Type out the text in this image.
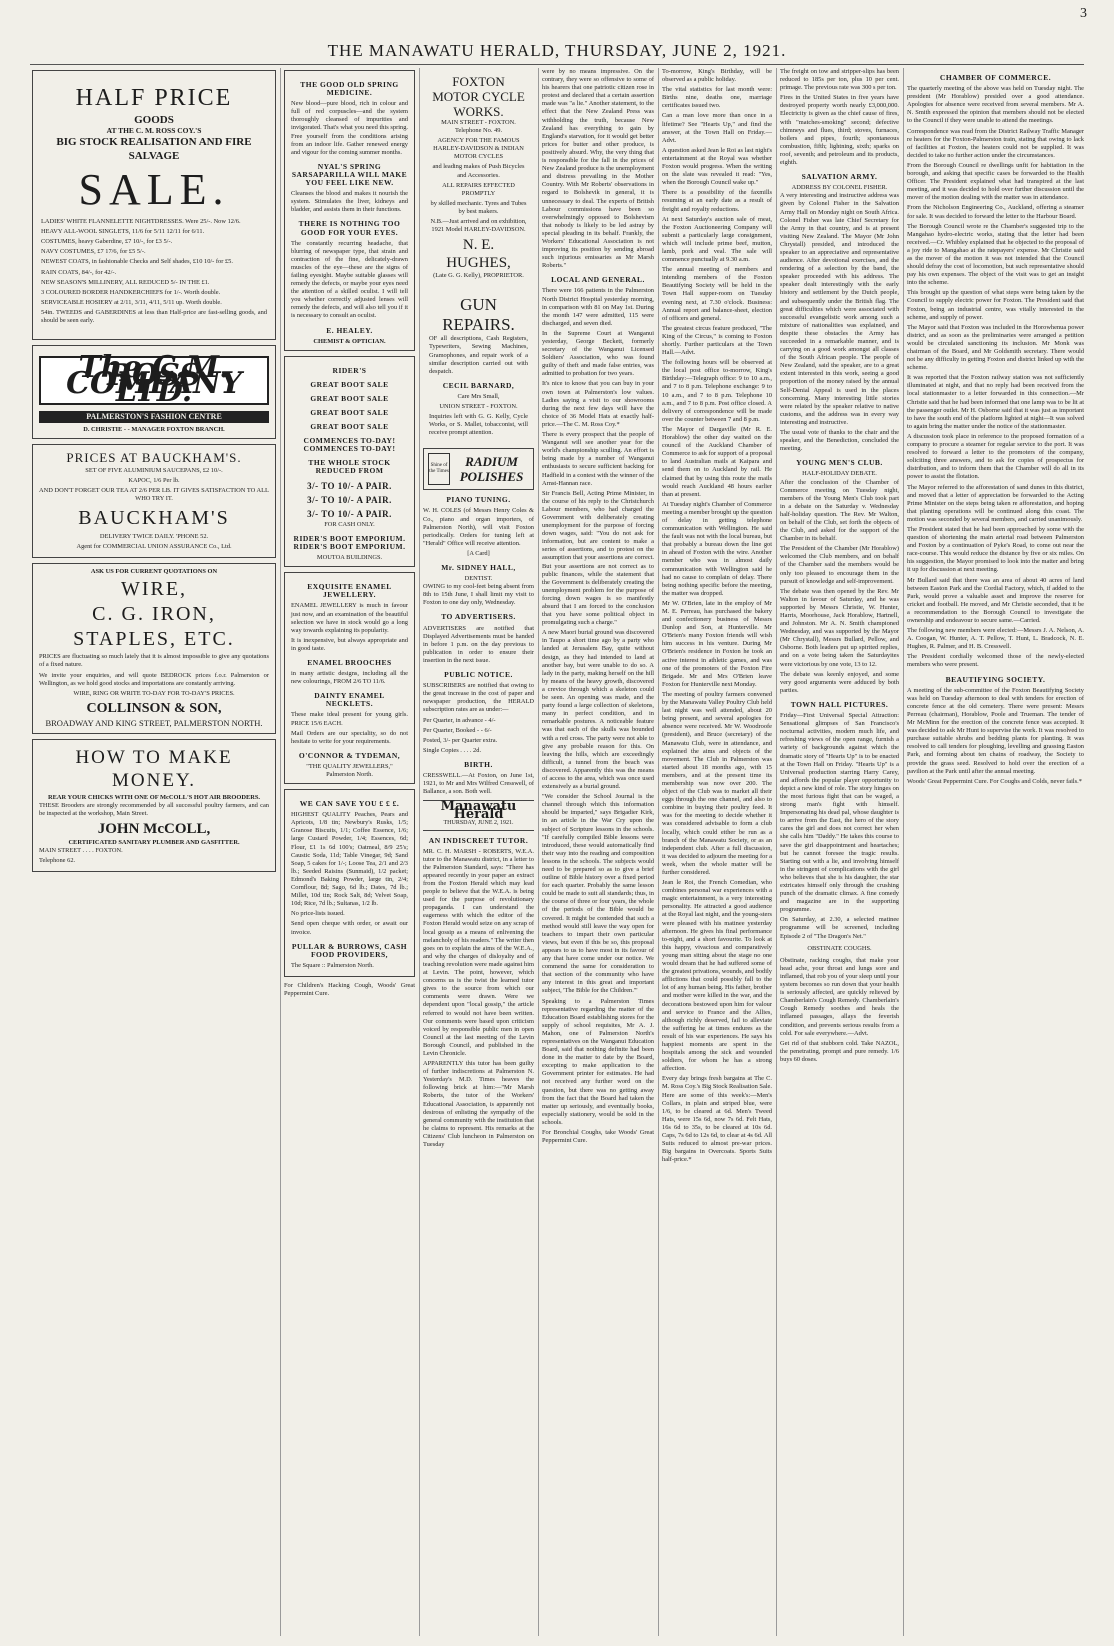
THE MANAWATU HERALD, THURSDAY, JUNE 2, 1921.
3
HALF PRICE
GOODS
AT THE C. M. ROSS COY.'S
BIG STOCK REALISATION AND FIRE SALVAGE
SALE.

LADIES' WHITE FLANNELETTE NIGHTDRESSES. Were 25/-. Now 12/6.

HEAVY ALL-WOOL SINGLETS, 11/6 for 5/11 12/11 for 6/11.

COSTUMES, heavy Gaberdine, £7 10/-, for £3 5/-.

NAVY COSTUMES, £7 17/6, for £5 5/-.

NEWEST COATS, in fashionable Checks and Self shades, £10 10/- for £5.

RAIN COATS, 84/-, for 42/-.

NEW SEASON'S MILLINERY, ALL REDUCED 5/- IN THE £1.

3 COLOURED BORDER HANDKERCHIEFS for 1/-. Worth double.

SERVICEABLE HOSIERY at 2/11, 3/11, 4/11, 5/11 up. Worth double.

54in. TWEEDS and GABERDINES at less than Half-price are fast-selling goods, and should be seen early.

The C.M. ROSS COMPANY LTD.
PALMERSTON'S FASHION CENTRE
D. CHRISTIE - - MANAGER FOXTON BRANCH.
PRICES AT BAUCKHAM'S.

SET OF FIVE ALUMINIUM SAUCEPANS, £2 10/-.

KAPOC, 1/6 Per lb.

AND DON'T FORGET OUR TEA AT 2/6 PER LB. IT GIVES SATISFACTION TO ALL WHO TRY IT.

BAUCKHAM'S

DELIVERY TWICE DAILY. 'PHONE 52.

Agent for COMMERCIAL UNION ASSURANCE Co., Ltd.

ASK US FOR CURRENT QUOTATIONS ON
WIRE,
C. G. IRON,
STAPLES, ETC.

PRICES are fluctuating so much lately that it is almost impossible to give any quotations of a fixed nature.

We invite your enquiries, and will quote BEDROCK prices f.o.r. Palmerston or Wellington, as we hold good stocks and importations are constantly arriving.

WIRE, RING OR WRITE TO-DAY FOR TO-DAY'S PRICES.

COLLINSON & SON,
BROADWAY AND KING STREET, PALMERSTON NORTH.
HOW TO MAKE MONEY.
REAR YOUR CHICKS WITH ONE OF McCOLL'S HOT AIR BROODERS.

THESE Brooders are strongly recommended by all successful poultry farmers, and can be inspected at the workshop, Main Street.

JOHN McCOLL,
CERTIFICATED SANITARY PLUMBER AND GASFITTER.

MAIN STREET . . . . FOXTON.

Telephone 62.

THE GOOD OLD SPRING MEDICINE.

New blood—pure blood, rich in colour and full of red corpuscles—and the system thoroughly cleansed of impurities and invigorated. That's what you need this spring. Free yourself from the conditions arising from an indoor life. Gather renewed energy and vigour for the coming summer months.

NYAL'S SPRING SARSAPARILLA WILL MAKE YOU FEEL LIKE NEW.

Cleanses the blood and makes it nourish the system. Stimulates the liver, kidneys and bladder, and assists them in their functions.

THERE IS NOTHING TOO GOOD FOR YOUR EYES.

The constantly recurring headache, that blurring of newspaper type, that strain and contraction of the fine, delicately-drawn muscles of the eye—these are the signs of failing eyesight. Maybe suitable glasses will remedy the defects, or maybe your eyes need the attention of a skilled oculist. I will tell you whether correctly adjusted lenses will remedy the defects, and will also tell you if it is necessary to consult an oculist.

E. HEALEY.
CHEMIST & OPTICIAN.
RIDER'S
GREAT BOOT SALE
GREAT BOOT SALE
GREAT BOOT SALE
GREAT BOOT SALE
COMMENCES TO-DAY! COMMENCES TO-DAY!
THE WHOLE STOCK REDUCED FROM
3/- TO 10/- A PAIR.
3/- TO 10/- A PAIR.
3/- TO 10/- A PAIR.
FOR CASH ONLY.
RIDER'S BOOT EMPORIUM. RIDER'S BOOT EMPORIUM.
MOUTOA BUILDINGS.
EXQUISITE ENAMEL JEWELLERY.

ENAMEL JEWELLERY is much in favour just now, and an examination of the beautiful selection we have in stock would go a long way towards explaining its popularity.

It is inexpensive, but always appropriate and in good taste.

ENAMEL BROOCHES

in many artistic designs, including all the new colourings, FROM 2/6 TO 11/6.

DAINTY ENAMEL NECKLETS.

These make ideal present for young girls. PRICE 15/6 EACH.

Mail Orders are our speciality, so do not hesitate to write for your requirements.

O'CONNOR & TYDEMAN,
"THE QUALITY JEWELLERS,"
Palmerston North.
WE CAN SAVE YOU £ £ £.

HIGHEST QUALITY Peaches, Pears and Apricots, 1/8 tin; Newbury's Rusks, 1/5; Granose Biscuits, 1/1; Coffee Essence, 1/6; large Custard Powder, 1/4; Essences, 6d; Flour, £1 1s 6d 100's; Oatmeal, 8/9 25's; Caustic Soda, 11d; Table Vinegar, 9d; Sand Soap, 5 cakes for 1/-; Loose Tea, 2/1 and 2/3 lb.; Seeded Raisins (Sunmaid), 1/2 packet; Edmond's Baking Powder, large tin, 2/4; Cornflour, 8d; Sago, 6d lb.; Dates, 7d lb.; Millet, 10d tin; Rock Salt, 8d; Velvet Soap, 10d; Rice, 7d lb.; Sultanas, 1/2 lb.

No price-lists issued.

Send open cheque with order, or await our invoice.

PULLAR & BURROWS, CASH FOOD PROVIDERS,

The Square :: Palmerston North.

For Children's Hacking Cough, Woods' Great Peppermint Cure.

FOXTON MOTOR CYCLE WORKS.

MAIN STREET - FOXTON. Telephone No. 49.

AGENCY FOR THE FAMOUS HARLEY-DAVIDSON & INDIAN MOTOR CYCLES

and leading makes of Push Bicycles and Accessories.

ALL REPAIRS EFFECTED PROMPTLY

by skilled mechanic. Tyres and Tubes by best makers.

N.B.—Just arrived and on exhibition, 1921 Model HARLEY-DAVIDSON.

N. E. HUGHES,

(Late G. G. Kelly), PROPRIETOR.

GUN REPAIRS.

OF all descriptions, Cash Registers, Typewriters, Sewing Machines, Gramophones, and repair work of a similar description carried out with despatch.

CECIL BARNARD,

Care Mrs Small,

UNION STREET - FOXTON.

Inquiries left with G. G. Kelly, Cycle Works, or S. Mallet, tobacconist, will receive prompt attention.

Shine of the Times
RADIUM POLISHES
PIANO TUNING.

W. H. COLES (of Messrs Henry Coles & Co., piano and organ importers, of Palmerston North), will visit Foxton periodically. Orders for tuning left at "Herald" Office will receive attention.

[A Card]
Mr. SIDNEY HALL,
DENTIST.

OWING to my cool-feet being absent from 8th to 15th June, I shall limit my visit to Foxton to one day only, Wednesday.

TO ADVERTISERS.

ADVERTISERS are notified that Displayed Advertisements must be handed in before 1 p.m. on the day previous to publication in order to ensure their insertion in the next issue.

PUBLIC NOTICE.

SUBSCRIBERS are notified that owing to the great increase in the cost of paper and newspaper production, the HERALD subscription rates are as under:—

Per Quarter, in advance - 4/-

Per Quarter, Booked - - 6/-

Posted, 3/- per Quarter extra.

Single Copies . . . . 2d.

BIRTH.

CRESSWELL.—At Foxton, on June 1st, 1921, to Mr and Mrs Wilfred Cresswell, of Ballance, a son. Both well.

Manawatu Herald
THURSDAY, JUNE 2, 1921.
AN INDISCREET TUTOR.

MR. C. H. MARSH - ROBERTS, W.E.A. tutor to the Manawatu district, in a letter to the Palmerston Standard, says: "There has appeared recently in your paper an extract from the Foxton Herald which may lead people to believe that the W.E.A. is being used for the purpose of revolutionary propaganda. I can understand the eagerness with which the editor of the Foxton Herald would seize on any scrap of local gossip as a means of enlivening the melancholy of his readers." The writer then goes on to explain the aims of the W.E.A., and why the charges of disloyalty and of teaching revolution were made against him at Levin. The point, however, which concerns us is the twist the learned tutor gives to the source from which our comments were drawn. Were we dependent upon "local gossip," the article referred to would not have been written. Our comments were based upon criticism voiced by responsible public men in open Council at the last meeting of the Levin Borough Council, and published in the Levin Chronicle.

APPARENTLY this tutor has been guilty of further indiscretions at Palmerston N. Yesterday's M.D. Times heaves the following brick at him:—"Mr Marsh Roberts, the tutor of the Workers' Educational Association, is apparently not desirous of enlisting the sympathy of the general community with the institution that he claims to represent. His remarks at the Citizens' Club luncheon in Palmerston on Tuesday

were by no means impressive. On the contrary, they were so offensive to some of his hearers that one patriotic citizen rose in protest and declared that a certain assertion made was "a lie." Another statement, to the effect that the New Zealand Press was withholding the truth, because New Zealand has everything to gain by England's starvation, for it would get better prices for butter and other produce, is positively absurd. Why, the very thing that is responsible for the fall in the prices of New Zealand produce is the unemployment and distress prevailing in the Mother Country. With Mr Roberts' observations in regard to Bolshevik in general, it is unnecessary to deal. The experts of British Labour commissions have been so overwhelmingly opposed to Bolshevism that nobody is likely to be led astray by special pleading in its behalf. Frankly, the Workers' Educational Association is not improving its position by sending abroad such injurious emissaries as Mr Marsh Roberts."

LOCAL AND GENERAL.

There were 166 patients in the Palmerston North District Hospital yesterday morning, in comparison with 81 on May 1st. During the month 147 were admitted, 115 were discharged, and seven died.

In the Supreme Court at Wanganui yesterday, George Beckett, formerly secretary of the Wanganui Licensed Soldiers' Association, who was found guilty of theft and made false entries, was admitted to probation for two years.

It's nice to know that you can buy in your own town at Palmerston's low values. Ladies saying a visit to our showrooms during the next few days will have the choice of 36 Model Hats at exactly half-price.—The C. M. Ross Coy.*

There is every prospect that the people of Wanganui will see another year for the world's championship sculling. An effort is being made by a number of Wanganui enthusiasts to secure sufficient backing for Hadfield in a contest with the winner of the Arnst-Hannan race.

Sir Francis Bell, Acting Prime Minister, in the course of his reply to the Christchurch Labour members, who had charged the Government with deliberately creating unemployment for the purpose of forcing down wages, said: "You do not ask for information, but are content to make a series of assertions, and to protest on the assumption that your assertions are correct. But your assertions are not correct as to public finances, while the statement that the Government is deliberately creating the unemployment problem for the purpose of forcing down wages is so manifestly absurd that I am forced to the conclusion that you have some political object in promulgating such a charge."

A new Maori burial ground was discovered in Taupo a short time ago by a party who landed at Jerusalem Bay, quite without design, as they had intended to land at another bay, but were unable to do so. A lady in the party, making herself on the hill by means of the heavy growth, discovered a crevice through which a skeleton could be seen. An opening was made, and the party found a large collection of skeletons, many in perfect condition, and in remarkable postures. A noticeable feature was that each of the skulls was bounded with a red cross. The party were not able to give any probable reason for this. On leaving the hills, which are exceedingly difficult, a tunnel from the beach was discovered. Apparently this was the means of access to the area, which was once used extensively as a burial ground.

"We consider the School Journal is the channel through which this information should be imparted," says Brigadier Kirk, in an article in the War Cry upon the subject of Scripture lessons in the schools. "If carefully compiled Bible lessons were introduced, these would automatically find their way into the reading and composition lessons in the schools. The subjects would need to be prepared so as to give a brief outline of Bible history over a fixed period for each quarter. Probably the same lesson could be made to suit all standards; thus, in the course of three or four years, the whole of the periods of the Bible would be covered. It might be contended that such a method would still leave the way open for teachers to impart their own particular views, but even if this be so, this proposal appears to us to have most in its favour of any that have come under our notice. We commend the same for consideration to that section of the community who have any interest in this great and important subject, 'The Bible for the Children.'"

Speaking to a Palmerston Times representative regarding the matter of the Education Board establishing stores for the supply of school requisites, Mr A. J. Mahon, one of Palmerston North's representatives on the Wanganui Education Board, said that nothing definite had been done in the matter to date by the Board, excepting to make application to the Government printer for estimates. He had not received any further word on the question, but there was no getting away from the fact that the Board had taken the matter up seriously, and eventually books, especially stationery, would be sold in the schools.

For Bronchial Coughs, take Woods' Great Peppermint Cure.

To-morrow, King's Birthday, will be observed as a public holiday.

The vital statistics for last month were: Births nine, deaths one, marriage certificates issued two.

Can a man love more than once in a lifetime? See "Hearts Up," and find the answer, at the Town Hall on Friday.—Advt.

A question asked Jean le Roi as last night's entertainment at the Royal was whether Foxton would progress. When the writing on the slate was revealed it read: "Yes, when the Borough Council wake up."

There is a possibility of the faxmills resuming at an early date as a result of freight and royalty reductions.

At next Saturday's auction sale of meat, the Foxton Auctioneering Company will submit a particularly large consignment, which will include prime beef, mutton, lamb, pork and veal. The sale will commence punctually at 9.30 a.m.

The annual meeting of members and intending members of the Foxton Beautifying Society will be held in the Town Hall supper-room on Tuesday evening next, at 7.30 o'clock. Business: Annual report and balance-sheet, election of officers and general.

The greatest circus feature produced, "The King of the Circus," is coming to Foxton shortly. Further particulars at the Town Hall.—Advt.

The following hours will be observed at the local post office to-morrow, King's Birthday:—Telegraph office: 9 to 10 a.m., and 7 to 8 p.m. Telephone exchange: 9 to 10 a.m., and 7 to 8 p.m. Telephone 10 a.m., and 7 to 8 p.m. Post office closed. A delivery of correspondence will be made over the counter between 7 and 8 p.m.

The Mayor of Dargaville (Mr R. E. Horablow) the other day waited on the council of the Auckland Chamber of Commerce to ask for support of a proposal to land Australian mails at Kaipara and send them on to Auckland by rail. He claimed that by using this route the mails would reach Auckland 48 hours earlier than at present.

At Tuesday night's Chamber of Commerce meeting a member brought up the question of delay in getting telephone communication with Wellington. He said the fault was not with the local bureau, but that probably a bureau down the line got in ahead of Foxton with the wire. Another member who was in almost daily communication with Wellington said he had no cause to complain of delay. There being nothing specific before the meeting, the matter was dropped.

Mr W. O'Brien, late in the employ of Mr M. E. Perreau, has purchased the bakery and confectionery business of Messrs Dunlop and Son, at Hunterville. Mr O'Brien's many Foxton friends will wish him success in his venture. During Mr O'Brien's residence in Foxton he took an active interest in athletic games, and was one of the promoters of the Foxton Fire Brigade. Mr and Mrs O'Brien leave Foxton for Hunterville next Monday.

The meeting of poultry farmers convened by the Manawatu Valley Poultry Club held last night was well attended, about 20 being present, and several apologies for absence were received. Mr W. Woodroofe (president), and Bruce (secretary) of the Manawatu Club, were in attendance, and explained the aims and objects of the movement. The Club in Palmerston was started about 18 months ago, with 15 members, and at the present time its membership was now over 200. The object of the Club was to market all their eggs through the one channel, and also to combine in buying their poultry feed. It was for the meeting to decide whether it was considered advisable to form a club locally, which could either be run as a branch of the Manawatu Society, or as an independent club. After a full discussion, it was decided to adjourn the meeting for a week, when the whole matter will be further considered.

Jean le Roi, the French Comedian, who combines personal war experiences with a magic entertainment, is a very interesting personality. He attracted a good audience at the Royal last night, and the young-sters were pleased with his matinee yesterday afternoon. He gives his final performance to-night, and a short favourite. To look at this happy, vivacious and comparatively young man sitting about the stage no one would dream that he had suffered some of the greatest privations, wounds, and bodily afflictions that could possibly fall to the lot of any human being. His father, brother and mother were killed in the war, and the decorations bestowed upon him for valour and service to France and the Allies, although richly deserved, fail to alleviate the suffering he at times endures as the result of his war experiences. He says his happiest moments are spent in the hospitals among the sick and wounded soldiers, for whom he has a strong affection.

Every day brings fresh bargains at The C. M. Ross Coy.'s Big Stock Realisation Sale. Here are some of this week's:—Men's Collars, in plain and striped blue, were 1/6, to be cleared at 6d. Men's Tweed Hats, were 15s 6d, now 7s 6d. Felt Hats, 16s 6d to 35s, to be cleared at 10s 6d. Caps, 7s 6d to 12s 6d, to clear at 4s 6d. All Suits reduced to almost pre-war prices. Big bargains in Overcoats. Sports Suits half-price.*

The freight on tow and stripper-slips has been reduced to 185s per ton, plus 10 per cent. primage. The previous rate was 300 s per ton.

Fires in the United States in five years have destroyed property worth nearly £3,000,000. Electricity is given as the chief cause of fires, with "matches-smoking" second; defective chimneys and flues, third; stoves, furnaces, boilers and pipes, fourth; spontaneous combustion, fifth; lightning, sixth; sparks on roof, seventh; and petroleum and its products, eighth.

SALVATION ARMY.
ADDRESS BY COLONEL FISHER.

A very interesting and instructive address was given by Colonel Fisher in the Salvation Army Hall on Monday night on South Africa. Colonel Fisher was late Chief Secretary for the Army in that country, and is at present visiting New Zealand. The Mayor (Mr John Chrystall) presided, and introduced the speaker to an appreciative and representative audience. After devotional exercises, and the rendering of a selection by the band, the speaker proceeded with his address. The speaker dealt interestingly with the early history and settlement by the Dutch people, and subsequently under the British flag. The great difficulties which were associated with successful evangelistic work among such a mixture of nationalities was explained, and despite these obstacles the Army has succeeded in a remarkable manner, and is carrying on a good work amongst all classes of the South African people. The people of New Zealand, said the speaker, are to a great extent interested in this work, seeing a good proportion of the money raised by the annual Self-Denial Appeal is used in the places concerning. Many interesting little stories were related by the speaker relative to native customs, and the address was in every way interesting and instructive.

The usual vote of thanks to the chair and the speaker, and the Benediction, concluded the meeting.

YOUNG MEN'S CLUB.
HALF-HOLIDAY DEBATE.

After the conclusion of the Chamber of Commerce meeting on Tuesday night, members of the Young Men's Club took part in a debate on the Saturday v. Wednesday half-holiday question. The Rev. Mr Walton, on behalf of the Club, set forth the objects of the Club, and asked for the support of the Chamber in its behalf.

The President of the Chamber (Mr Horablow) welcomed the Club members, and on behalf of the Chamber said the members would be only too pleased to encourage them in the pursuit of knowledge and self-improvement.

The debate was then opened by the Rev. Mr Walton in favour of Saturday, and he was supported by Messrs Christie, W. Hunter, Harris, Moorhouse, Jack Horablow, Hartnell, and Johnston. Mr A. N. Smith championed Wednesday, and was supported by the Mayor (Mr Chrystall), Messrs Bullard, Pellow, and Osborne. Both leaders put up spirited replies, and on a vote being taken the Saturdayites were victorious by one vote, 13 to 12.

The debate was keenly enjoyed, and some very good arguments were adduced by both parties.

TOWN HALL PICTURES.

Friday—First Universal Special Attraction: Sensational glimpses of San Francisco's nocturnal activities, modern much life, and refreshing views of the open range, furnish a variety of backgrounds against which the dramatic story of "Hearts Up" is to be enacted at the Town Hall on Friday. "Hearts Up" is a Universal production starring Harry Carey, and affords the popular player opportunity to depict a new kind of role. The story hinges on the most furious fight that can be waged, a strong man's fight with himself. Impersonating his dead pal, whose daughter is to arrive from the East, the hero of the story cares the girl and does not correct her when she calls him "Daddy." He takes this course to save the girl disappointment and heartaches; but he cannot foresee the tragic results. Starting out with a lie, and involving himself in the stringent of complications with the girl who believes that she is his daughter, the star extricates himself only through the crushing punch of the dramatic climax. A fine comedy and magazine are in the supporting programme.

On Saturday, at 2.30, a selected matinee programme will be screened, including Episode 2 of "The Dragon's Net."

OBSTINATE COUGHS.

Obstinate, racking coughs, that make your head ache, your throat and lungs sore and inflamed, that rob you of your sleep until your system becomes so run down that your health is seriously affected, are quickly relieved by Chamberlain's Cough Remedy. Chamberlain's Cough Remedy soothes and heals the inflamed passages, allays the feverish condition, and prevents serious results from a cold. For sale everywhere.—Advt.

Get rid of that stubborn cold. Take NAZOL, the penetrating, prompt and pure remedy. 1/6 buys 60 doses.

CHAMBER OF COMMERCE.

The quarterly meeting of the above was held on Tuesday night. The president (Mr Horablow) presided over a good attendance. Apologies for absence were received from several members. Mr A. N. Smith expressed the opinion that members should not be elected to the Council if they were unable to attend the meetings.

Correspondence was read from the District Railway Traffic Manager re heaters for the Foxton-Palmerston train, stating that owing to lack of facilities at Foxton, the heaters could not be supplied. It was decided to take no further action under the circumstances.

From the Borough Council re dwellings unfit for habitation in the borough, and asking that specific cases be forwarded to the Health Officer. The President explained what had transpired at the last meeting, and it was decided to hold over further discussion until the mover of the motion dealing with the matter was in attendance.

From the Nicholson Engineering Co., Auckland, offering a steamer for sale. It was decided to forward the letter to the Harbour Board.

The Borough Council wrote re the Chamber's suggested trip to the Mangahao hydro-electric works, stating that the letter had been received.—Cr. Whibley explained that he objected to the proposal of a joy ride to Mangahao at the ratepayers' expense. Mr Christie said as the mover of the motion it was not intended that the Council should defray the cost of locomotion, but such representative should pay his own expenses. The object of the visit was to get an insight into the scheme.

This brought up the question of what steps were being taken by the Council to supply electric power for Foxton. The President said that Foxton, being an industrial centre, was vitally interested in the scheme, and supply of power.

The Mayor said that Foxton was included in the Horowhenua power district, and as soon as the preliminaries were arranged a petition would be circulated sanctioning its inclusion. Mr Monk was chairman of the Board, and Mr Goldsmith secretary. There would not be any difficulty in getting Foxton and district linked up with the scheme.

It was reported that the Foxton railway station was not sufficiently illuminated at night, and that no reply had been received from the local stationmaster to a letter forwarded in this connection.—Mr Christie said that he had been informed that one lamp was to be lit at the passenger outlet. Mr H. Osborne said that it was just as important to have the south end of the platform lighted at night—It was solved to again bring the matter under the notice of the stationmaster.

A discussion took place in reference to the proposed formation of a company to procure a steamer for regular service to the port. It was resolved to forward a letter to the promoters of the company, soliciting three answers, and to ask for copies of prospectus for distribution, and to inform them that the Chamber will do all in its power to assist the flotation.

The Mayor referred to the afforestation of sand dunes in this district, and moved that a letter of appreciation be forwarded to the Acting Prime Minister on the steps being taken re afforestation, and hoping that planting operations will be continued along this coast. The motion was seconded by several members, and carried unanimously.

The President stated that he had been approached by some with the question of shortening the main arterial road between Palmerston and Foxton by a continuation of Pyke's Road, to come out near the race-course. This would reduce the distance by five or six miles. On his suggestion, the Mayor promised to look into the matter and bring it up for discussion at next meeting.

Mr Bullard said that there was an area of about 40 acres of land between Easton Park and the Cordial Factory, which, if added to the Park, would prove a valuable asset and improve the reserve for cricket and football. He moved, and Mr Christie seconded, that it be a recommendation to the Borough Council to investigate the ownership and endeavour to secure same.—Carried.

The following new members were elected:—Messrs J. A. Nelson, A. A. Coogan, W. Hunter, A. T. Pellow, T. Hunt, L. Bradcock, N. E. Hughes, R. Palmer, and H. B. Cresswell.

The President cordially welcomed those of the newly-elected members who were present.

BEAUTIFYING SOCIETY.

A meeting of the sub-committee of the Foxton Beautifying Society was held on Tuesday afternoon to deal with tenders for erection of concrete fence at the old cemetery. There were present: Messrs Perreau (chairman), Horablow, Poole and Trueman. The tender of Mr McMinn for the erection of the concrete fence was accepted. It was decided to ask Mr Hunt to supervise the work. It was resolved to purchase suitable shrubs and bedding plants for planting. It was resolved to call tenders for ploughing, levelling and grassing Easton Park, and forming about ten chains of roadway, the Society to provide the grass seed. Resolved to hold over the erection of a pavilion at the Park until after the annual meeting.

Woods' Great Peppermint Cure. For Coughs and Colds, never fails.*
